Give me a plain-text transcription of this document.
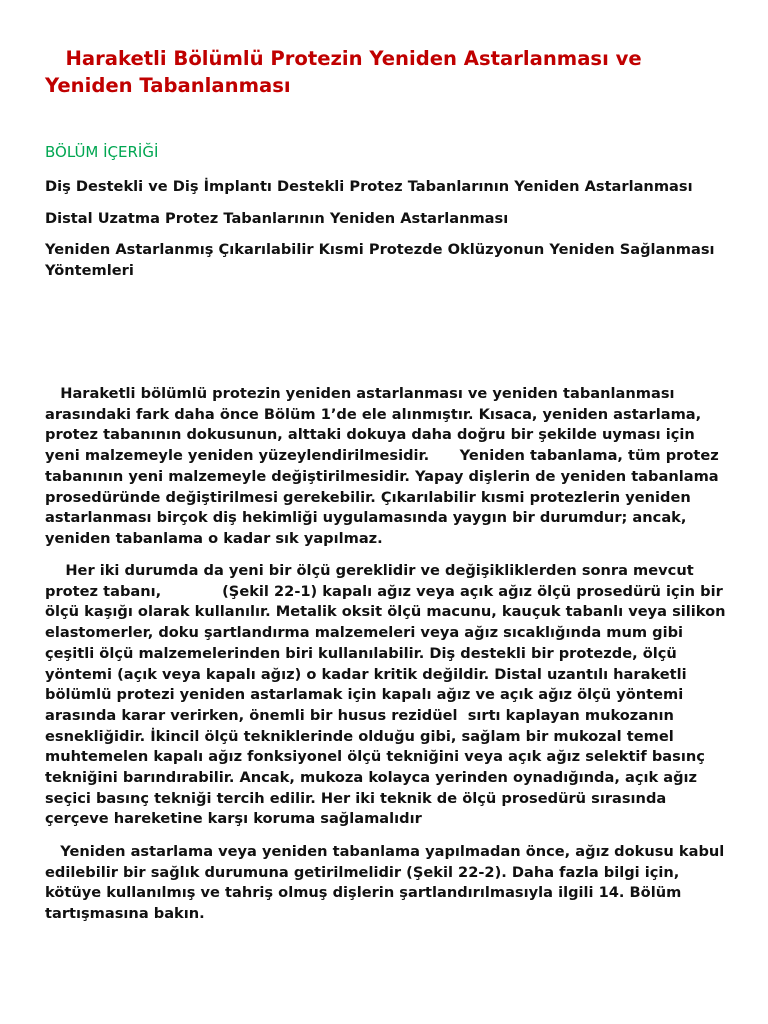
Haraketli Bölümlü Protezin Yeniden Astarlanması ve Yeniden Tabanlanması
BÖLÜM İÇERİĞİ
Diş Destekli ve Diş İmplantı Destekli Protez Tabanlarının Yeniden Astarlanması
Distal Uzatma Protez Tabanlarının Yeniden Astarlanması
Yeniden Astarlanmış Çıkarılabilir Kısmi Protezde Oklüzyonun Yeniden Sağlanması Yöntemleri

Haraketli bölümlü protezin yeniden astarlanması ve yeniden tabanlanması arasındaki fark daha önce Bölüm 1’de ele alınmıştır. Kısaca, yeniden astarlama, protez tabanının dokusunun, alttaki dokuya daha doğru bir şekilde uyması için yeni malzemeyle yeniden yüzeylendirilmesidir.      Yeniden tabanlama, tüm protez tabanının yeni malzemeyle değiştirilmesidir. Yapay dişlerin de yeniden tabanlama prosedüründe değiştirilmesi gerekebilir. Çıkarılabilir kısmi protezlerin yeniden astarlanması birçok diş hekimliği uygulamasında yaygın bir durumdur; ancak, yeniden tabanlama o kadar sık yapılmaz.

Her iki durumda da yeni bir ölçü gereklidir ve değişikliklerden sonra mevcut protez tabanı,            (Şekil 22-1) kapalı ağız veya açık ağız ölçü prosedürü için bir ölçü kaşığı olarak kullanılır. Metalik oksit ölçü macunu, kauçuk tabanlı veya silikon elastomerler, doku şartlandırma malzemeleri veya ağız sıcaklığında mum gibi çeşitli ölçü malzemelerinden biri kullanılabilir. Diş destekli bir protezde, ölçü yöntemi (açık veya kapalı ağız) o kadar kritik değildir. Distal uzantılı haraketli bölümlü protezi yeniden astarlamak için kapalı ağız ve açık ağız ölçü yöntemi arasında karar verirken, önemli bir husus rezidüel  sırtı kaplayan mukozanın esnekliğidir. İkincil ölçü tekniklerinde olduğu gibi, sağlam bir mukozal temel muhtemelen kapalı ağız fonksiyonel ölçü tekniğini veya açık ağız selektif basınç tekniğini barındırabilir. Ancak, mukoza kolayca yerinden oynadığında, açık ağız seçici basınç tekniği tercih edilir. Her iki teknik de ölçü prosedürü sırasında çerçeve hareketine karşı koruma sağlamalıdır

Yeniden astarlama veya yeniden tabanlama yapılmadan önce, ağız dokusu kabul edilebilir bir sağlık durumuna getirilmelidir (Şekil 22-2). Daha fazla bilgi için, kötüye kullanılmış ve tahriş olmuş dişlerin şartlandırılmasıyla ilgili 14. Bölüm tartışmasına bakın.
